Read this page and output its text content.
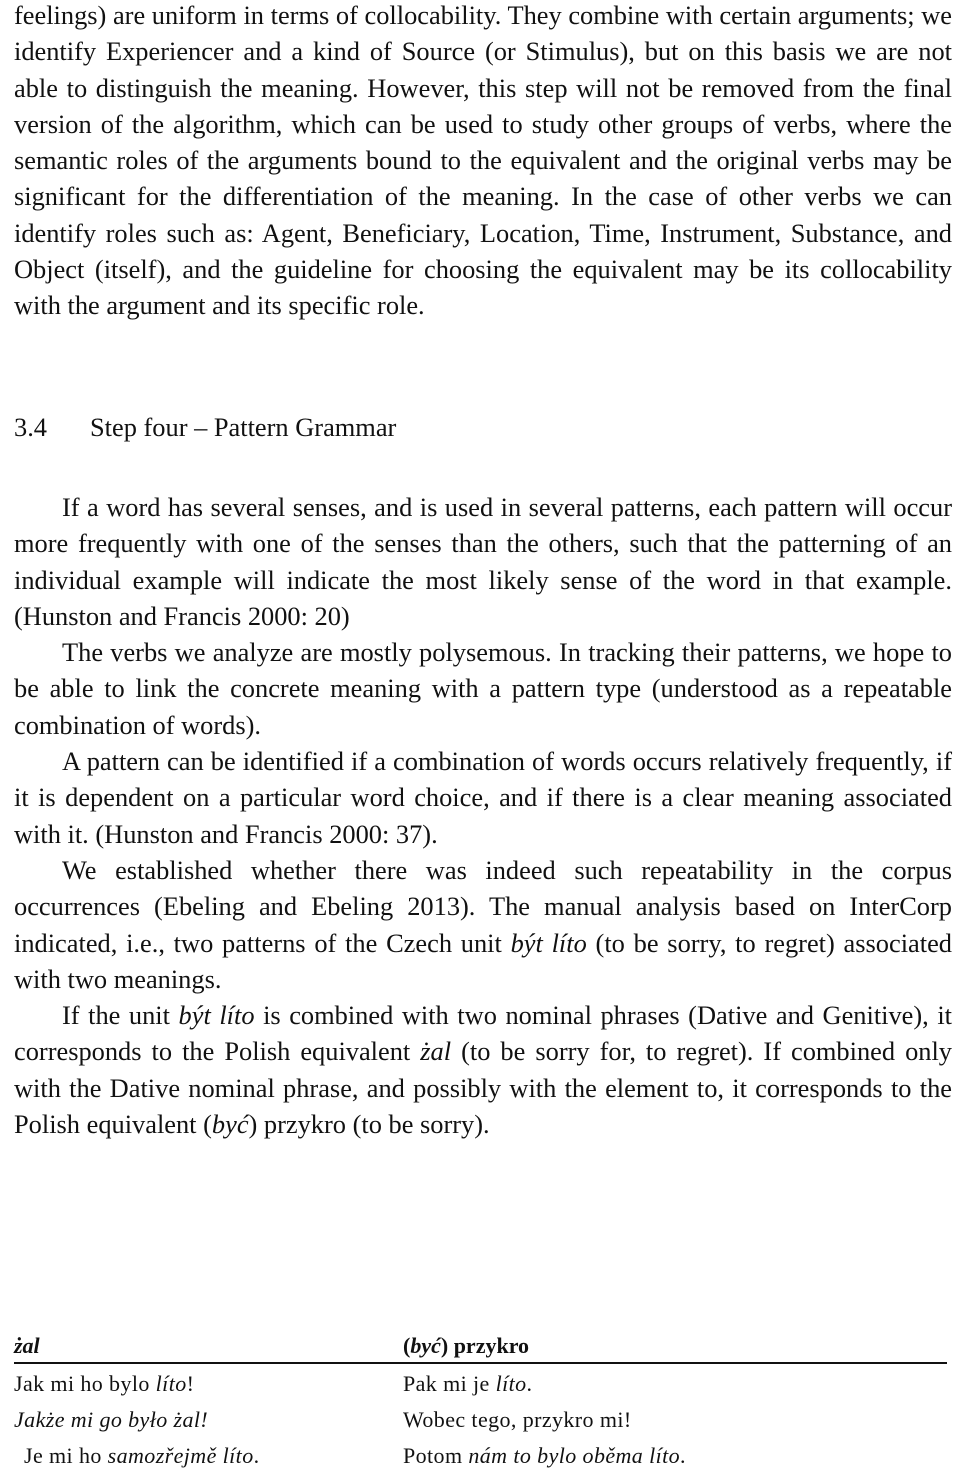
feelings) are uniform in terms of collocability. They combine with certain arguments; we identify Experiencer and a kind of Source (or Stimulus), but on this basis we are not able to distinguish the meaning. However, this step will not be removed from the final version of the algorithm, which can be used to study other groups of verbs, where the semantic roles of the arguments bound to the equivalent and the original verbs may be significant for the differentiation of the meaning. In the case of other verbs we can identify roles such as: Agent, Beneficiary, Location, Time, Instrument, Substance, and Object (itself), and the guideline for choosing the equivalent may be its collocability with the argument and its specific role.

3.4 Step four – Pattern Grammar

If a word has several senses, and is used in several patterns, each pattern will occur more frequently with one of the senses than the others, such that the patterning of an individual example will indicate the most likely sense of the word in that example. (Hunston and Francis 2000: 20)

The verbs we analyze are mostly polysemous. In tracking their patterns, we hope to be able to link the concrete meaning with a pattern type (understood as a repeatable combination of words).

A pattern can be identified if a combination of words occurs relatively frequently, if it is dependent on a particular word choice, and if there is a clear meaning associated with it. (Hunston and Francis 2000: 37).

We established whether there was indeed such repeatability in the corpus occurrences (Ebeling and Ebeling 2013). The manual analysis based on InterCorp indicated, i.e., two patterns of the Czech unit být líto (to be sorry, to regret) associated with two meanings.

If the unit být líto is combined with two nominal phrases (Dative and Genitive), it corresponds to the Polish equivalent żal (to be sorry for, to regret). If combined only with the Dative nominal phrase, and possibly with the element to, it corresponds to the Polish equivalent (być) przykro (to be sorry).

żal	(być) przykro
Jak mi ho bylo líto!	Pak mi je líto.
Jakże mi go było żal!	Wobec tego, przykro mi!
Je mi ho samozřejmě líto.	Potom nám to bylo oběma líto.
